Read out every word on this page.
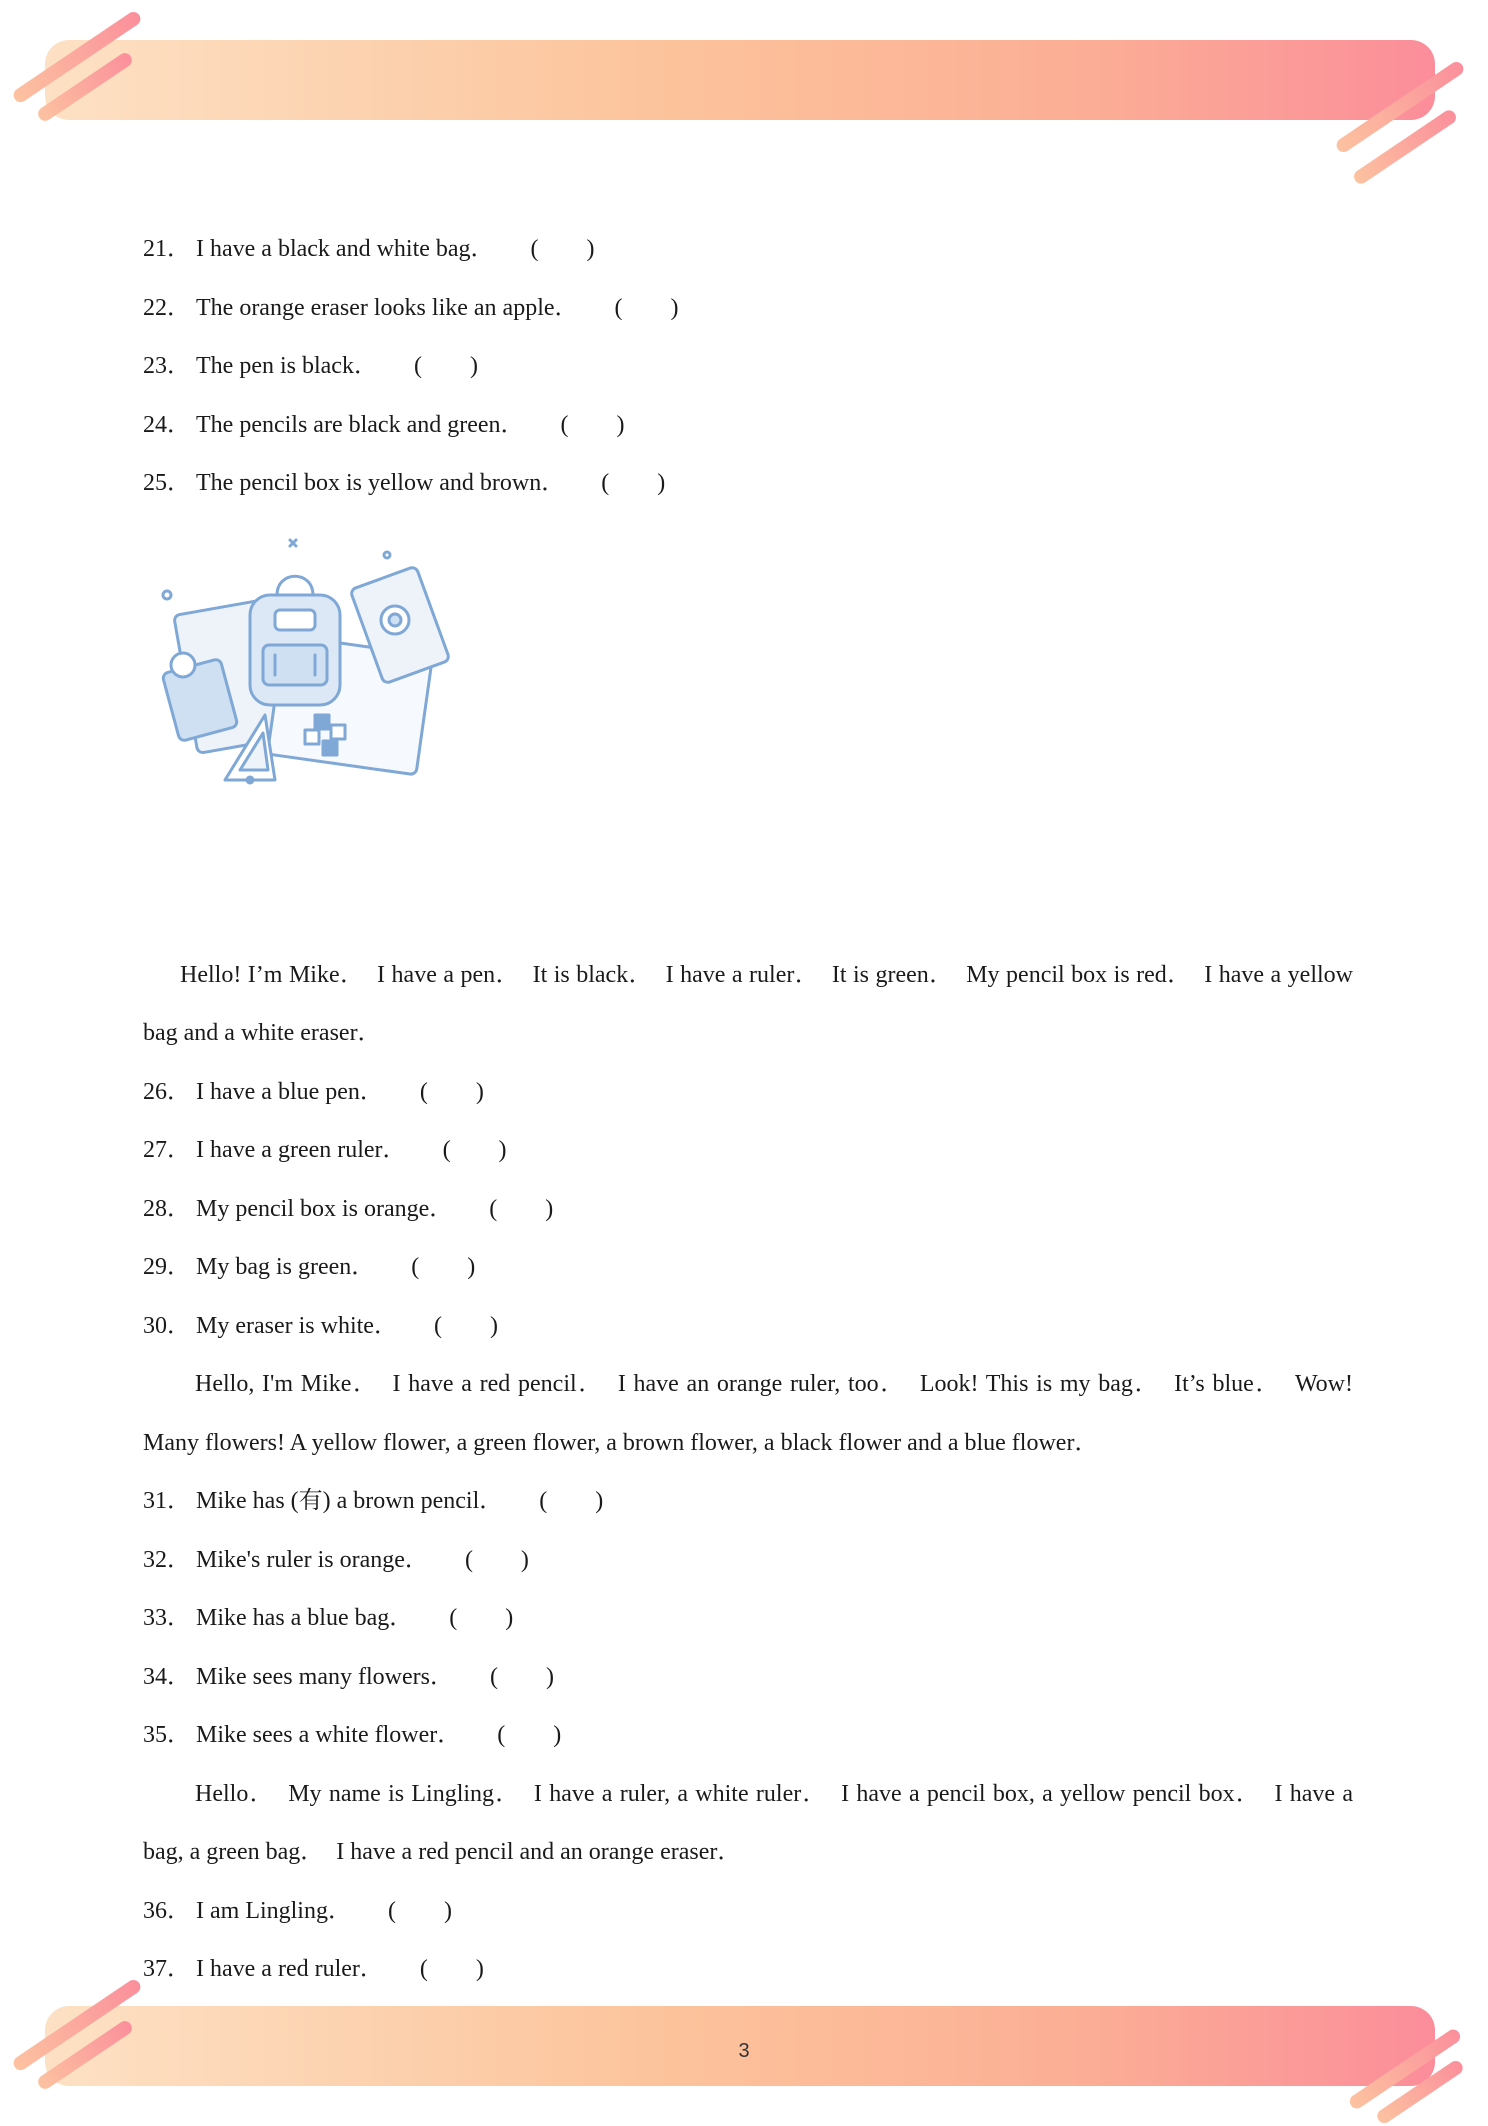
21． I have a black and white bag． (　　)
22． The orange eraser looks like an apple． (　　)
23． The pen is black． (　　)
24． The pencils are black and green． (　　)
25． The pencil box is yellow and brown． (　　)
Hello! I’m Mike．　I have a pen．　It is black．　I have a ruler．　It is green．　My pencil box is red．　I have a yellow bag and a white eraser．
26． I have a blue pen． (　　)
27． I have a green ruler． (　　)
28． My pencil box is orange． (　　)
29． My bag is green． (　　)
30． My eraser is white． (　　)
Hello, I'm Mike．　I have a red pencil．　I have an orange ruler, too．　Look! This is my bag．　It’s blue．　Wow! Many flowers! A yellow flower, a green flower, a brown flower, a black flower and a blue flower．
31． Mike has (有) a brown pencil． (　　)
32． Mike's ruler is orange． (　　)
33． Mike has a blue bag． (　　)
34． Mike sees many flowers． (　　)
35． Mike sees a white flower． (　　)
Hello．　My name is Lingling．　I have a ruler, a white ruler．　I have a pencil box, a yellow pencil box．　I have a bag, a green bag．　I have a red pencil and an orange eraser．
36． I am Lingling． (　　)
37． I have a red ruler． (　　)
3
